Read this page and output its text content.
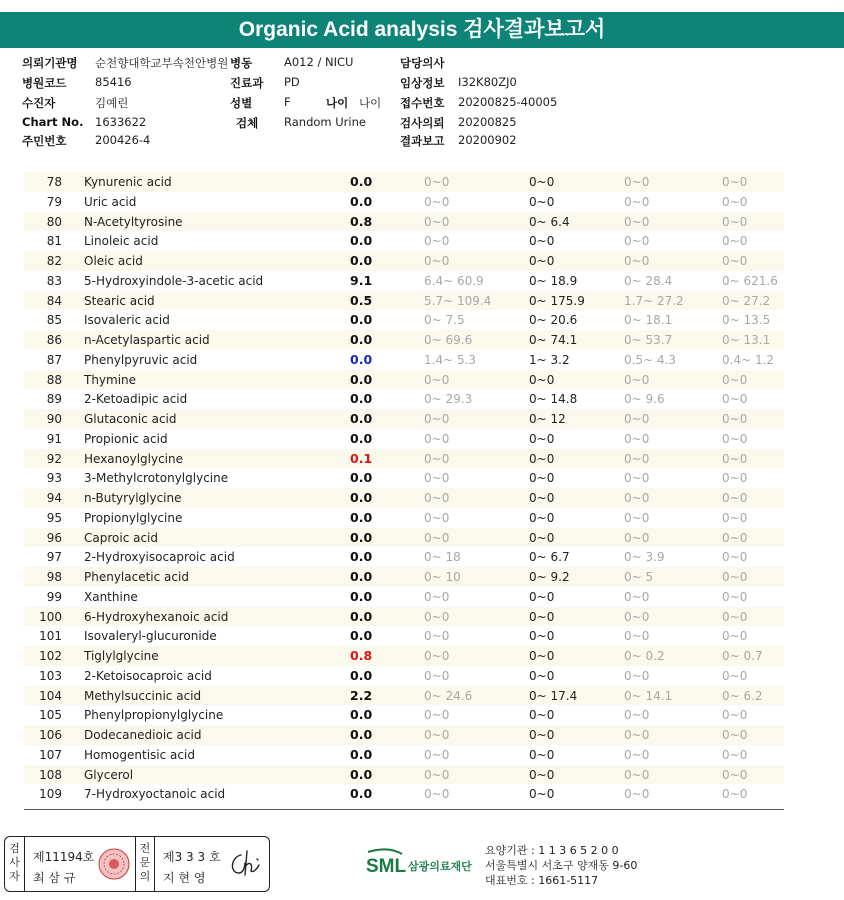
Organic Acid analysis 검사결과보고서
의뢰기관명 순천향대학교부속천안병원 병동	A012 / NICU	담당의사
병원코드 85416	진료과 PD	임상정보 I32K80ZJ0
수진자	김예린	성별	F	나이 나이 접수번호 20200825-40005
Chart No. 1633622	검체 Random Urine	검사의뢰 20200825
주민번호 200426-4	결과보고 20200902
78 Kynurenic acid	0.0	0~0	0~0	0~0	0~0
79 Uric acid	0.0	0~0	0~0	0~0	0~0
80 N-Acetyltyrosine	0.8	0~0	0~ 6.4	0~0	0~0
81 Linoleic acid	0.0	0~0	0~0	0~0	0~0
82 Oleic acid	0.0	0~0	0~0	0~0	0~0
83 5-Hydroxyindole-3-acetic acid	9.1	6.4~ 60.9	0~ 18.9	0~ 28.4	0~ 621.6
84 Stearic acid	0.5	5.7~ 109.4	0~ 175.9	1.7~ 27.2	0~ 27.2
85 Isovaleric acid	0.0	0~ 7.5	0~ 20.6	0~ 18.1	0~ 13.5
86 n-Acetylaspartic acid	0.0	0~ 69.6	0~ 74.1	0~ 53.7	0~ 13.1
87 Phenylpyruvic acid	0.0	1.4~ 5.3	1~ 3.2	0.5~ 4.3	0.4~ 1.2
88 Thymine	0.0	0~0	0~0	0~0	0~0
89 2-Ketoadipic acid	0.0	0~ 29.3	0~ 14.8	0~ 9.6	0~0
90 Glutaconic acid	0.0	0~0	0~ 12	0~0	0~0
91 Propionic acid	0.0	0~0	0~0	0~0	0~0
92 Hexanoylglycine	0.1	0~0	0~0	0~0	0~0
93 3-Methylcrotonylglycine	0.0	0~0	0~0	0~0	0~0
94 n-Butyrylglycine	0.0	0~0	0~0	0~0	0~0
95 Propionylglycine	0.0	0~0	0~0	0~0	0~0
96 Caproic acid	0.0	0~0	0~0	0~0	0~0
97 2-Hydroxyisocaproic acid	0.0	0~ 18	0~ 6.7	0~ 3.9	0~0
98 Phenylacetic acid	0.0	0~ 10	0~ 9.2	0~ 5	0~0
99 Xanthine	0.0	0~0	0~0	0~0	0~0
100 6-Hydroxyhexanoic acid	0.0	0~0	0~0	0~0	0~0
101 Isovaleryl-glucuronide	0.0	0~0	0~0	0~0	0~0
102 Tiglylglycine	0.8	0~0	0~0	0~ 0.2	0~ 0.7
103 2-Ketoisocaproic acid	0.0	0~0	0~0	0~0	0~0
104 Methylsuccinic acid	2.2	0~ 24.6	0~ 17.4	0~ 14.1	0~ 6.2
105 Phenylpropionylglycine	0.0	0~0	0~0	0~0	0~0
106 Dodecanedioic acid	0.0	0~0	0~0	0~0	0~0
107 Homogentisic acid	0.0	0~0	0~0	0~0	0~0
108 Glycerol	0.0	0~0	0~0	0~0	0~0
109 7-Hydroxyoctanoic acid	0.0	0~0	0~0	0~0	0~0
검사자
제11194호
최 삼 규
전문의
제3 3 3 호
지 현 영
SML 삼광의료재단
요양기관 : 1 1 3 6 5 2 0 0
서울특별시 서초구 양재동 9-60
대표번호 : 1661-5117
